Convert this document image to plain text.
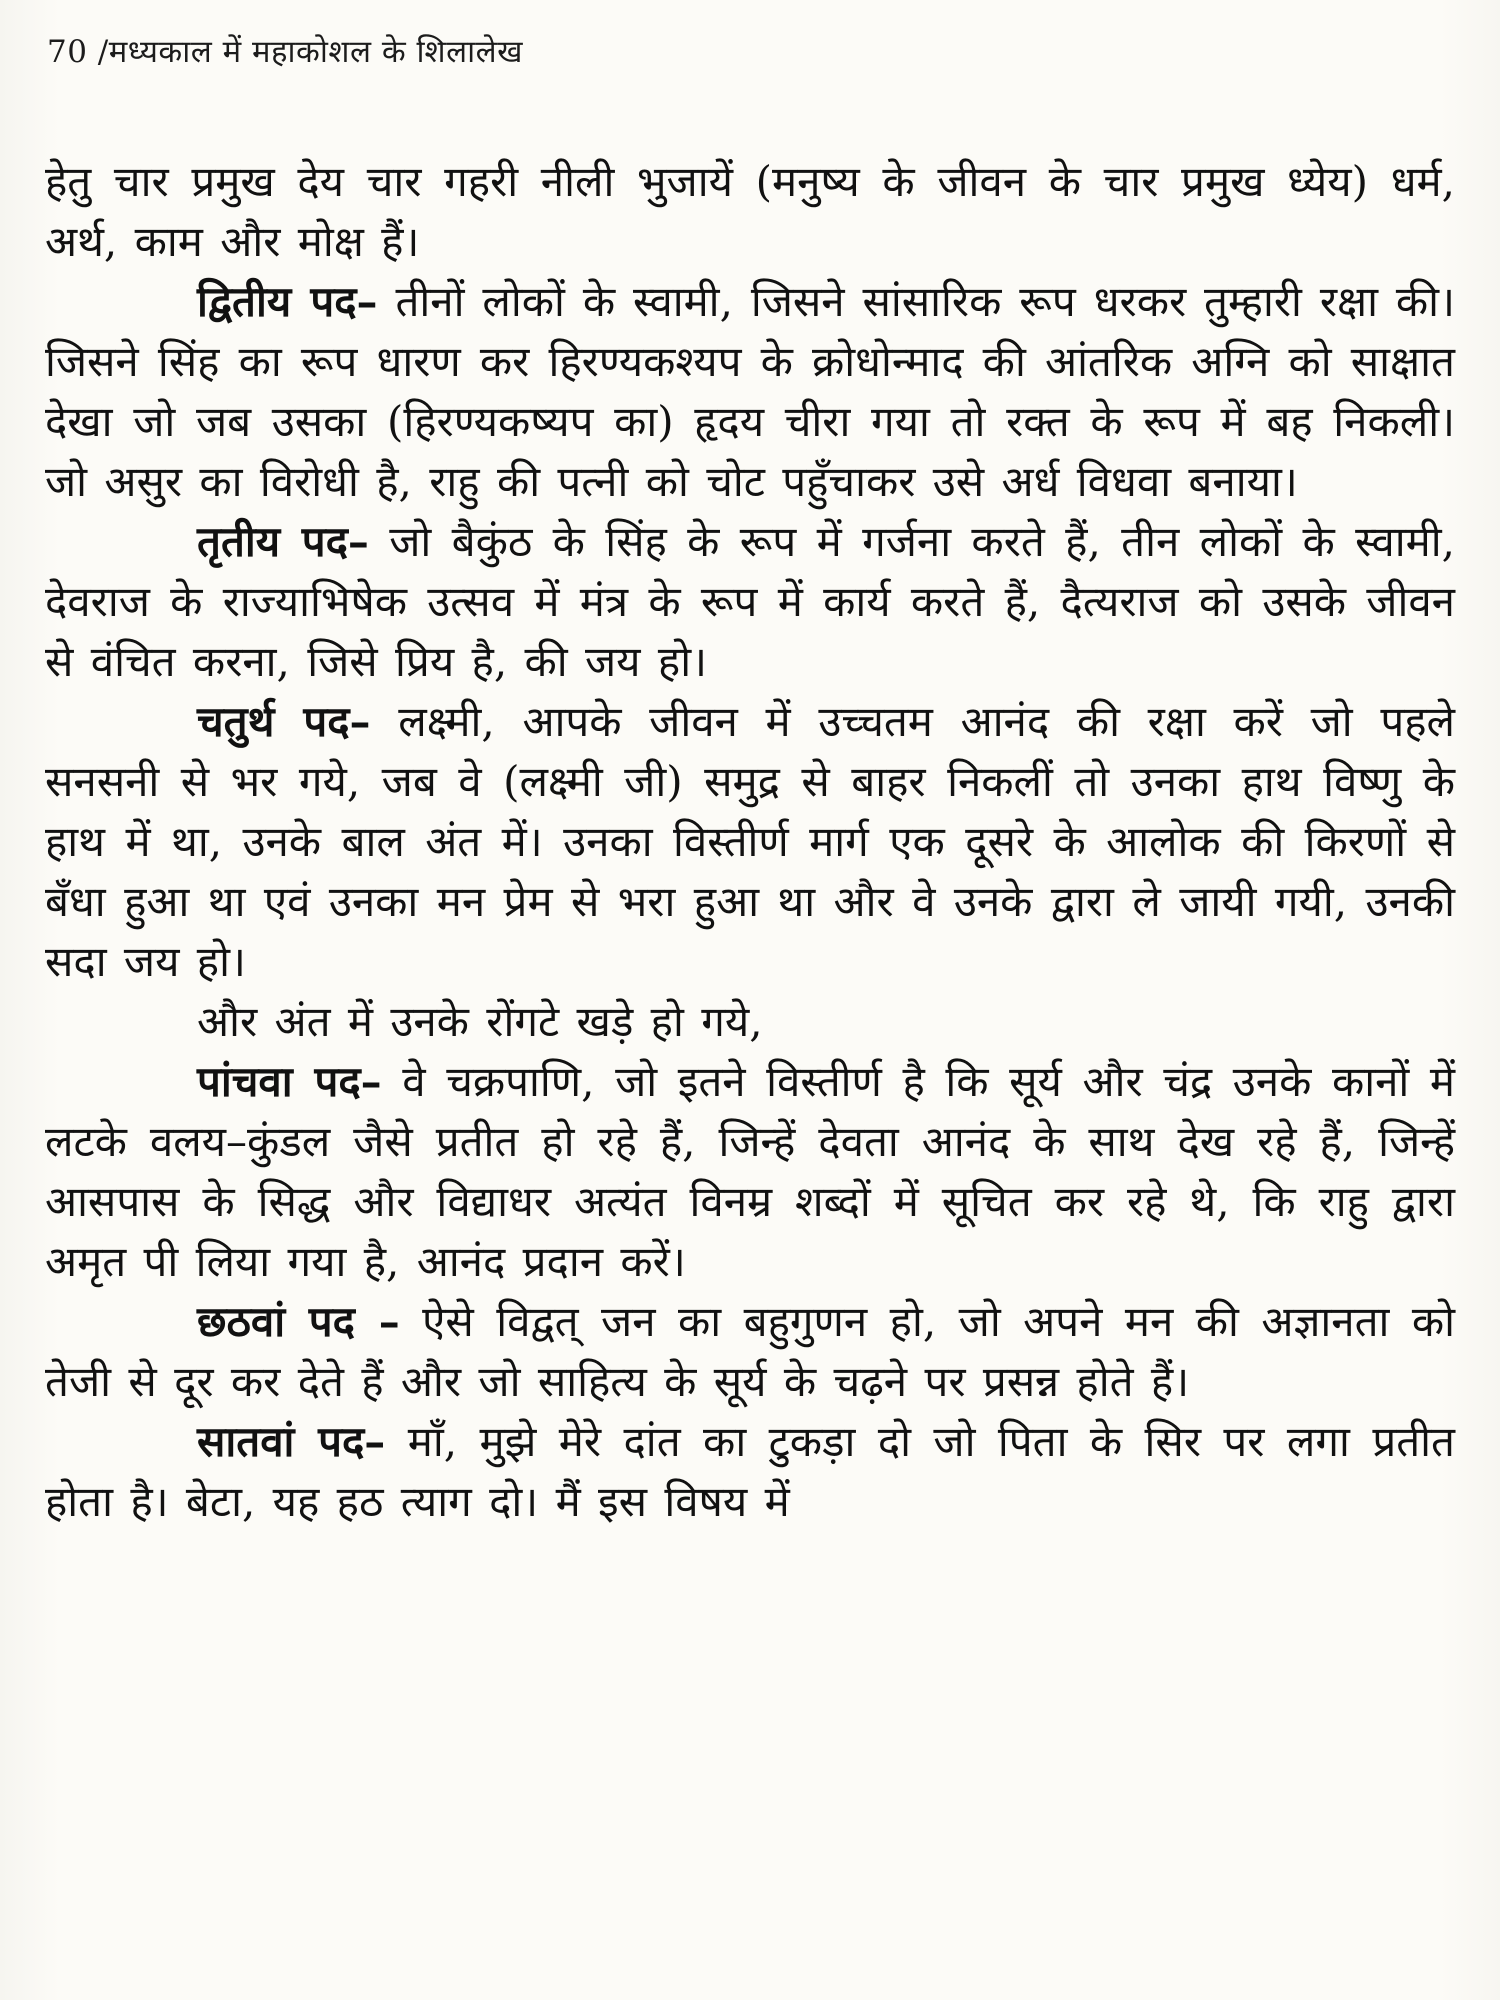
70 /मध्यकाल में महाकोशल के शिलालेख

हेतु चार प्रमुख देय चार गहरी नीली भुजायें (मनुष्य के जीवन के चार प्रमुख ध्येय) धर्म, अर्थ, काम और मोक्ष हैं।

द्वितीय पद– तीनों लोकों के स्वामी, जिसने सांसारिक रूप धरकर तुम्हारी रक्षा की। जिसने सिंह का रूप धारण कर हिरण्यकश्यप के क्रोधोन्माद की आंतरिक अग्नि को साक्षात देखा जो जब उसका (हिरण्यकष्यप का) हृदय चीरा गया तो रक्त के रूप में बह निकली। जो असुर का विरोधी है, राहु की पत्नी को चोट पहुँचाकर उसे अर्ध विधवा बनाया।

तृतीय पद– जो बैकुंठ के सिंह के रूप में गर्जना करते हैं, तीन लोकों के स्वामी, देवराज के राज्याभिषेक उत्सव में मंत्र के रूप में कार्य करते हैं, दैत्यराज को उसके जीवन से वंचित करना, जिसे प्रिय है, की जय हो।

चतुर्थ पद– लक्ष्मी, आपके जीवन में उच्चतम आनंद की रक्षा करें जो पहले सनसनी से भर गये, जब वे (लक्ष्मी जी) समुद्र से बाहर निकलीं तो उनका हाथ विष्णु के हाथ में था, उनके बाल अंत में। उनका विस्तीर्ण मार्ग एक दूसरे के आलोक की किरणों से बँधा हुआ था एवं उनका मन प्रेम से भरा हुआ था और वे उनके द्वारा ले जायी गयी, उनकी सदा जय हो।

और अंत में उनके रोंगटे खड़े हो गये,

पांचवा पद– वे चक्रपाणि, जो इतने विस्तीर्ण है कि सूर्य और चंद्र उनके कानों में लटके वलय–कुंडल जैसे प्रतीत हो रहे हैं, जिन्हें देवता आनंद के साथ देख रहे हैं, जिन्हें आसपास के सिद्ध और विद्याधर अत्यंत विनम्र शब्दों में सूचित कर रहे थे, कि राहु द्वारा अमृत पी लिया गया है, आनंद प्रदान करें।

छठवां पद – ऐसे विद्वत् जन का बहुगुणन हो, जो अपने मन की अज्ञानता को तेजी से दूर कर देते हैं और जो साहित्य के सूर्य के चढ़ने पर प्रसन्न होते हैं।

सातवां पद– माँ, मुझे मेरे दांत का टुकड़ा दो जो पिता के सिर पर लगा प्रतीत होता है। बेटा, यह हठ त्याग दो। मैं इस विषय में
